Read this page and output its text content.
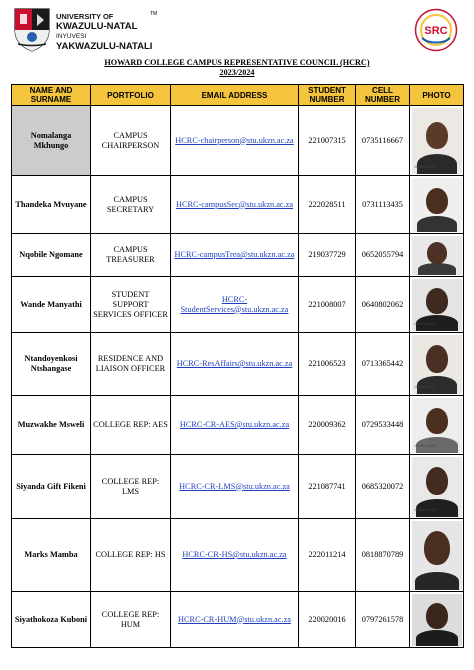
UNIVERSITY OF
KWAZULU-NATAL
INYUVESI
YAKWAZULU-NATALI
TM
SRC
HOWARD COLLEGE CAMPUS REPRESENTATIVE COUNCIL (HCRC)
2023/2024
NAME AND SURNAME	PORTFOLIO	EMAIL ADDRESS	STUDENT NUMBER	CELL NUMBER	PHOTO
Nomalanga Mkhungo	CAMPUS CHAIRPERSON	HCRC-chairperson@stu.ukzn.ac.za	221007315	0735116667	UKZN ● 2023

Thandeka Mvuyane	CAMPUS SECRETARY	HCRC-campusSec@stu.ukzn.ac.za	222028511	0731113435	

Nqobile Ngomane	CAMPUS TREASURER	HCRC-campusTrea@stu.ukzn.ac.za	219037729	0652055794	

Wande Manyathi	STUDENT SUPPORT SERVICES OFFICER	HCRC-StudentServices@stu.ukzn.ac.za	221008007	0640802062	UKZN ● 2023

Ntandoyenkosi Ntshangase	RESIDENCE AND LIAISON OFFICER	HCRC-ResAffairs@stu.ukzn.ac.za	221006523	0713365442	UKZN ● 2023

Muzwakhe Msweli	COLLEGE REP: AES	HCRC-CR-AES@stu.ukzn.ac.za	220009362	0729533448	UKZN ● 2023

Siyanda Gift Fikeni	COLLEGE REP: LMS	HCRC-CR-LMS@stu.ukzn.ac.za	221087741	0685320072	UKZN ● 2023

Marks Mamba	COLLEGE REP: HS	HCRC-CR-HS@stu.ukzn.ac.za	222011214	0818870789	

Siyathokoza Kuboni	COLLEGE REP: HUM	HCRC-CR-HUM@stu.ukzn.ac.za	220020016	0797261578	
